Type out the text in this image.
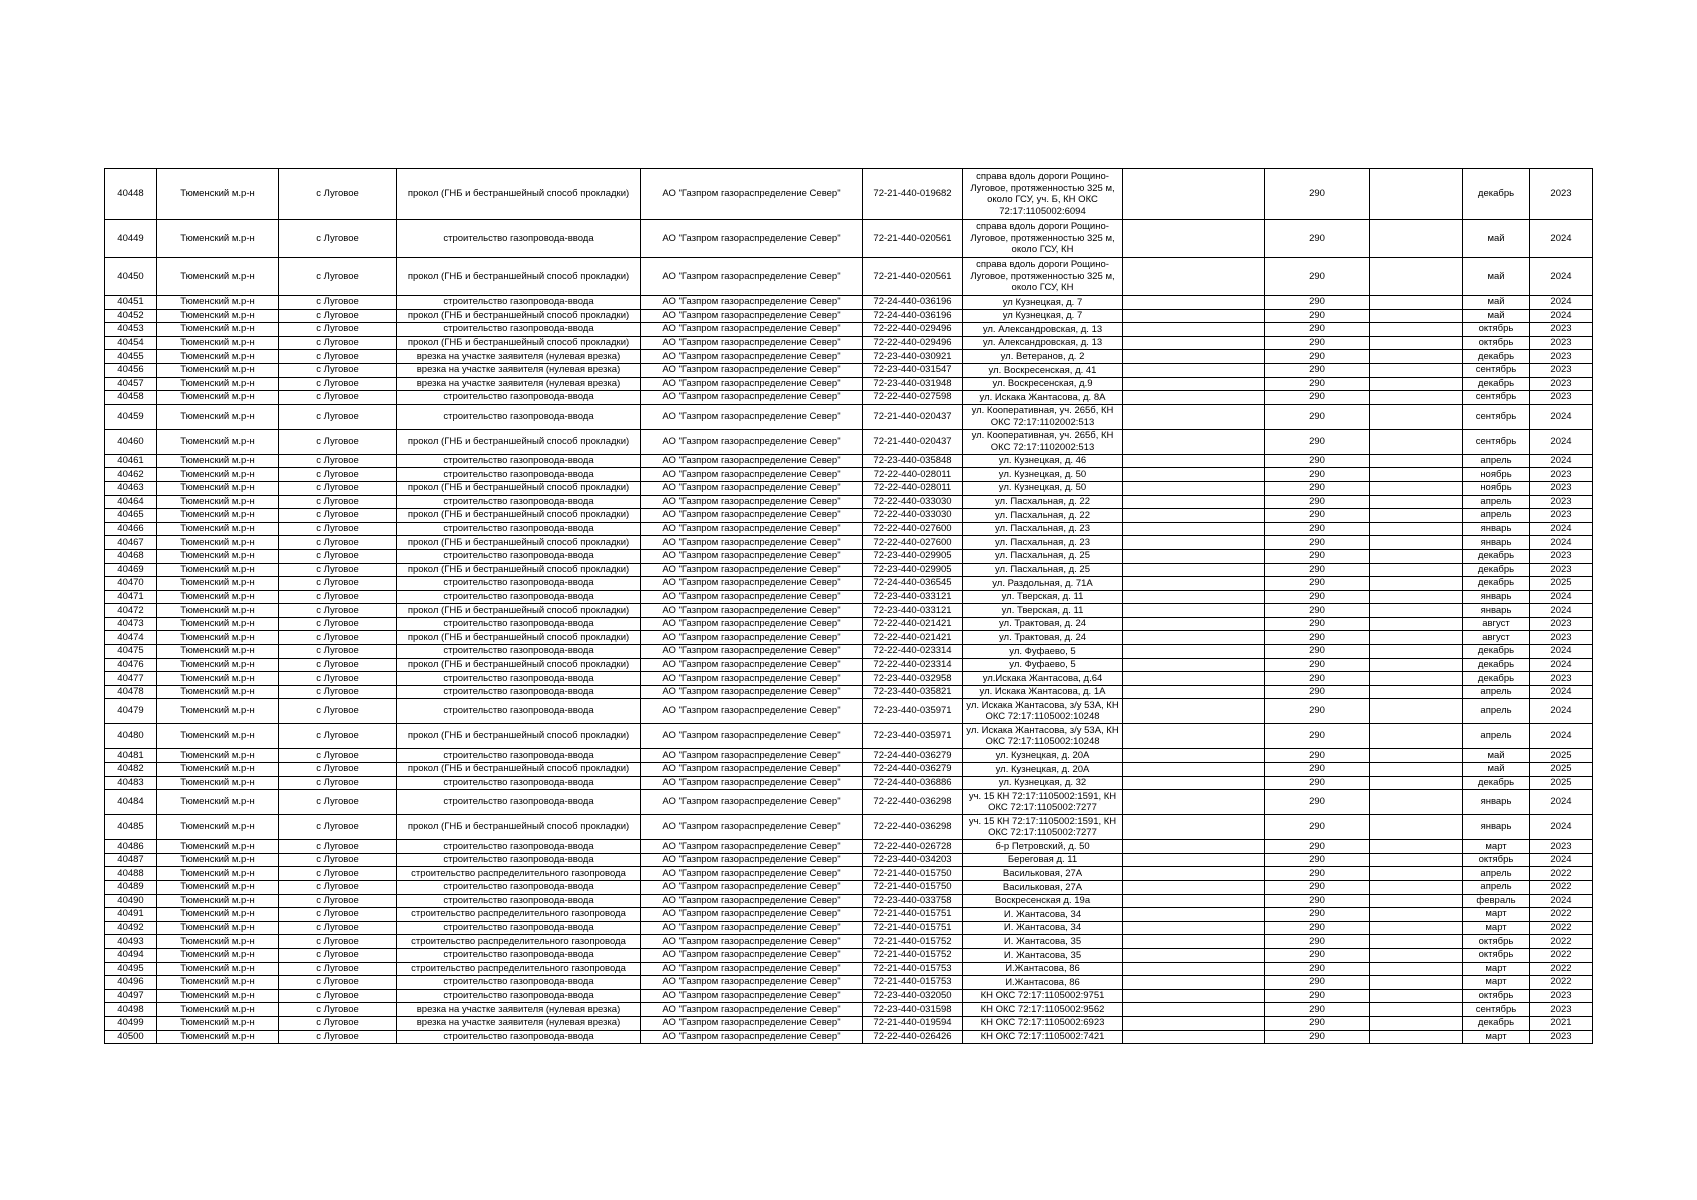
40448	Тюменский м.р-н	с Луговое	прокол (ГНБ и бестраншейный способ прокладки)	АО "Газпром газораспределение Север"	72-21-440-019682	справа вдоль дороги Рощино-Луговое, протяженностью 325 м, около ГСУ, уч. Б, КН ОКС 72:17:1105002:6094		290		декабрь	2023
40449	Тюменский м.р-н	с Луговое	строительство газопровода-ввода	АО "Газпром газораспределение Север"	72-21-440-020561	справа вдоль дороги Рощино-Луговое, протяженностью 325 м, около ГСУ, КН		290		май	2024
40450	Тюменский м.р-н	с Луговое	прокол (ГНБ и бестраншейный способ прокладки)	АО "Газпром газораспределение Север"	72-21-440-020561	справа вдоль дороги Рощино-Луговое, протяженностью 325 м, около ГСУ, КН		290		май	2024
40451	Тюменский м.р-н	с Луговое	строительство газопровода-ввода	АО "Газпром газораспределение Север"	72-24-440-036196	ул Кузнецкая, д. 7		290		май	2024
40452	Тюменский м.р-н	с Луговое	прокол (ГНБ и бестраншейный способ прокладки)	АО "Газпром газораспределение Север"	72-24-440-036196	ул Кузнецкая, д. 7		290		май	2024
40453	Тюменский м.р-н	с Луговое	строительство газопровода-ввода	АО "Газпром газораспределение Север"	72-22-440-029496	ул. Александровская, д. 13		290		октябрь	2023
40454	Тюменский м.р-н	с Луговое	прокол (ГНБ и бестраншейный способ прокладки)	АО "Газпром газораспределение Север"	72-22-440-029496	ул. Александровская, д. 13		290		октябрь	2023
40455	Тюменский м.р-н	с Луговое	врезка на участке заявителя (нулевая врезка)	АО "Газпром газораспределение Север"	72-23-440-030921	ул. Ветеранов, д. 2		290		декабрь	2023
40456	Тюменский м.р-н	с Луговое	врезка на участке заявителя (нулевая врезка)	АО "Газпром газораспределение Север"	72-23-440-031547	ул. Воскресенская, д. 41		290		сентябрь	2023
40457	Тюменский м.р-н	с Луговое	врезка на участке заявителя (нулевая врезка)	АО "Газпром газораспределение Север"	72-23-440-031948	ул. Воскресенская, д.9		290		декабрь	2023
40458	Тюменский м.р-н	с Луговое	строительство газопровода-ввода	АО "Газпром газораспределение Север"	72-22-440-027598	ул. Искака Жантасова, д. 8А		290		сентябрь	2023
40459	Тюменский м.р-н	с Луговое	строительство газопровода-ввода	АО "Газпром газораспределение Север"	72-21-440-020437	ул. Кооперативная, уч. 265б, КН ОКС 72:17:1102002:513		290		сентябрь	2024
40460	Тюменский м.р-н	с Луговое	прокол (ГНБ и бестраншейный способ прокладки)	АО "Газпром газораспределение Север"	72-21-440-020437	ул. Кооперативная, уч. 265б, КН ОКС 72:17:1102002:513		290		сентябрь	2024
40461	Тюменский м.р-н	с Луговое	строительство газопровода-ввода	АО "Газпром газораспределение Север"	72-23-440-035848	ул. Кузнецкая, д. 46		290		апрель	2024
40462	Тюменский м.р-н	с Луговое	строительство газопровода-ввода	АО "Газпром газораспределение Север"	72-22-440-028011	ул. Кузнецкая, д. 50		290		ноябрь	2023
40463	Тюменский м.р-н	с Луговое	прокол (ГНБ и бестраншейный способ прокладки)	АО "Газпром газораспределение Север"	72-22-440-028011	ул. Кузнецкая, д. 50		290		ноябрь	2023
40464	Тюменский м.р-н	с Луговое	строительство газопровода-ввода	АО "Газпром газораспределение Север"	72-22-440-033030	ул. Пасхальная, д. 22		290		апрель	2023
40465	Тюменский м.р-н	с Луговое	прокол (ГНБ и бестраншейный способ прокладки)	АО "Газпром газораспределение Север"	72-22-440-033030	ул. Пасхальная, д. 22		290		апрель	2023
40466	Тюменский м.р-н	с Луговое	строительство газопровода-ввода	АО "Газпром газораспределение Север"	72-22-440-027600	ул. Пасхальная, д. 23		290		январь	2024
40467	Тюменский м.р-н	с Луговое	прокол (ГНБ и бестраншейный способ прокладки)	АО "Газпром газораспределение Север"	72-22-440-027600	ул. Пасхальная, д. 23		290		январь	2024
40468	Тюменский м.р-н	с Луговое	строительство газопровода-ввода	АО "Газпром газораспределение Север"	72-23-440-029905	ул. Пасхальная, д. 25		290		декабрь	2023
40469	Тюменский м.р-н	с Луговое	прокол (ГНБ и бестраншейный способ прокладки)	АО "Газпром газораспределение Север"	72-23-440-029905	ул. Пасхальная, д. 25		290		декабрь	2023
40470	Тюменский м.р-н	с Луговое	строительство газопровода-ввода	АО "Газпром газораспределение Север"	72-24-440-036545	ул. Раздольная, д. 71А		290		декабрь	2025
40471	Тюменский м.р-н	с Луговое	строительство газопровода-ввода	АО "Газпром газораспределение Север"	72-23-440-033121	ул. Тверская, д. 11		290		январь	2024
40472	Тюменский м.р-н	с Луговое	прокол (ГНБ и бестраншейный способ прокладки)	АО "Газпром газораспределение Север"	72-23-440-033121	ул. Тверская, д. 11		290		январь	2024
40473	Тюменский м.р-н	с Луговое	строительство газопровода-ввода	АО "Газпром газораспределение Север"	72-22-440-021421	ул. Трактовая, д. 24		290		август	2023
40474	Тюменский м.р-н	с Луговое	прокол (ГНБ и бестраншейный способ прокладки)	АО "Газпром газораспределение Север"	72-22-440-021421	ул. Трактовая, д. 24		290		август	2023
40475	Тюменский м.р-н	с Луговое	строительство газопровода-ввода	АО "Газпром газораспределение Север"	72-22-440-023314	ул. Фуфаево, 5		290		декабрь	2024
40476	Тюменский м.р-н	с Луговое	прокол (ГНБ и бестраншейный способ прокладки)	АО "Газпром газораспределение Север"	72-22-440-023314	ул. Фуфаево, 5		290		декабрь	2024
40477	Тюменский м.р-н	с Луговое	строительство газопровода-ввода	АО "Газпром газораспределение Север"	72-23-440-032958	ул.Искака Жантасова, д.64		290		декабрь	2023
40478	Тюменский м.р-н	с Луговое	строительство газопровода-ввода	АО "Газпром газораспределение Север"	72-23-440-035821	ул. Искака Жантасова, д. 1А		290		апрель	2024
40479	Тюменский м.р-н	с Луговое	строительство газопровода-ввода	АО "Газпром газораспределение Север"	72-23-440-035971	ул. Искака Жантасова, з/у 53А, КН ОКС 72:17:1105002:10248		290		апрель	2024
40480	Тюменский м.р-н	с Луговое	прокол (ГНБ и бестраншейный способ прокладки)	АО "Газпром газораспределение Север"	72-23-440-035971	ул. Искака Жантасова, з/у 53А, КН ОКС 72:17:1105002:10248		290		апрель	2024
40481	Тюменский м.р-н	с Луговое	строительство газопровода-ввода	АО "Газпром газораспределение Север"	72-24-440-036279	ул. Кузнецкая, д. 20А		290		май	2025
40482	Тюменский м.р-н	с Луговое	прокол (ГНБ и бестраншейный способ прокладки)	АО "Газпром газораспределение Север"	72-24-440-036279	ул. Кузнецкая, д. 20А		290		май	2025
40483	Тюменский м.р-н	с Луговое	строительство газопровода-ввода	АО "Газпром газораспределение Север"	72-24-440-036886	ул. Кузнецкая, д. 32		290		декабрь	2025
40484	Тюменский м.р-н	с Луговое	строительство газопровода-ввода	АО "Газпром газораспределение Север"	72-22-440-036298	уч. 15 КН 72:17:1105002:1591, КН ОКС 72:17:1105002:7277		290		январь	2024
40485	Тюменский м.р-н	с Луговое	прокол (ГНБ и бестраншейный способ прокладки)	АО "Газпром газораспределение Север"	72-22-440-036298	уч. 15 КН 72:17:1105002:1591, КН ОКС 72:17:1105002:7277		290		январь	2024
40486	Тюменский м.р-н	с Луговое	строительство газопровода-ввода	АО "Газпром газораспределение Север"	72-22-440-026728	б-р Петровский, д. 50		290		март	2023
40487	Тюменский м.р-н	с Луговое	строительство газопровода-ввода	АО "Газпром газораспределение Север"	72-23-440-034203	Береговая д. 11		290		октябрь	2024
40488	Тюменский м.р-н	с Луговое	строительство распределительного газопровода	АО "Газпром газораспределение Север"	72-21-440-015750	Васильковая, 27А		290		апрель	2022
40489	Тюменский м.р-н	с Луговое	строительство газопровода-ввода	АО "Газпром газораспределение Север"	72-21-440-015750	Васильковая, 27А		290		апрель	2022
40490	Тюменский м.р-н	с Луговое	строительство газопровода-ввода	АО "Газпром газораспределение Север"	72-23-440-033758	Воскресенская д. 19а		290		февраль	2024
40491	Тюменский м.р-н	с Луговое	строительство распределительного газопровода	АО "Газпром газораспределение Север"	72-21-440-015751	И. Жантасова, 34		290		март	2022
40492	Тюменский м.р-н	с Луговое	строительство газопровода-ввода	АО "Газпром газораспределение Север"	72-21-440-015751	И. Жантасова, 34		290		март	2022
40493	Тюменский м.р-н	с Луговое	строительство распределительного газопровода	АО "Газпром газораспределение Север"	72-21-440-015752	И. Жантасова, 35		290		октябрь	2022
40494	Тюменский м.р-н	с Луговое	строительство газопровода-ввода	АО "Газпром газораспределение Север"	72-21-440-015752	И. Жантасова, 35		290		октябрь	2022
40495	Тюменский м.р-н	с Луговое	строительство распределительного газопровода	АО "Газпром газораспределение Север"	72-21-440-015753	И.Жантасова, 86		290		март	2022
40496	Тюменский м.р-н	с Луговое	строительство газопровода-ввода	АО "Газпром газораспределение Север"	72-21-440-015753	И.Жантасова, 86		290		март	2022
40497	Тюменский м.р-н	с Луговое	строительство газопровода-ввода	АО "Газпром газораспределение Север"	72-23-440-032050	КН ОКС 72:17:1105002:9751		290		октябрь	2023
40498	Тюменский м.р-н	с Луговое	врезка на участке заявителя (нулевая врезка)	АО "Газпром газораспределение Север"	72-23-440-031598	КН ОКС 72:17:1105002:9562		290		сентябрь	2023
40499	Тюменский м.р-н	с Луговое	врезка на участке заявителя (нулевая врезка)	АО "Газпром газораспределение Север"	72-21-440-019594	КН ОКС 72:17:1105002:6923		290		декабрь	2021
40500	Тюменский м.р-н	с Луговое	строительство газопровода-ввода	АО "Газпром газораспределение Север"	72-22-440-026426	КН ОКС 72:17:1105002:7421		290		март	2023
